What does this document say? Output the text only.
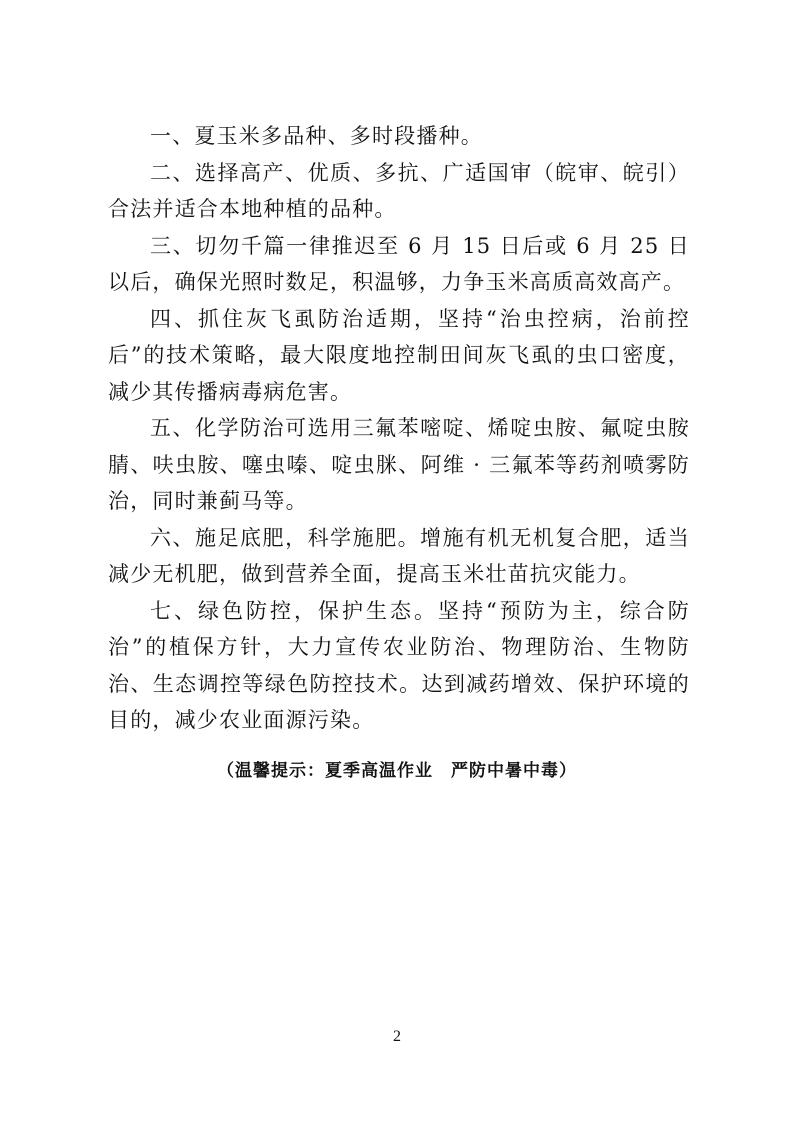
一、夏玉米多品种、多时段播种。

二、选择高产、优质、多抗、广适国审（皖审、皖引）合法并适合本地种植的品种。

三、切勿千篇一律推迟至 6 月 15 日后或 6 月 25 日以后，确保光照时数足，积温够，力争玉米高质高效高产。

四、抓住灰飞虱防治适期，坚持“治虫控病，治前控后”的技术策略，最大限度地控制田间灰飞虱的虫口密度，减少其传播病毒病危害。

五、化学防治可选用三氟苯嘧啶、烯啶虫胺、氟啶虫胺腈、呋虫胺、噻虫嗪、啶虫脒、阿维 · 三氟苯等药剂喷雾防治，同时兼蓟马等。

六、施足底肥，科学施肥。增施有机无机复合肥，适当减少无机肥，做到营养全面，提高玉米壮苗抗灾能力。

七、绿色防控，保护生态。坚持“预防为主，综合防治”的植保方针，大力宣传农业防治、物理防治、生物防治、生态调控等绿色防控技术。达到减药增效、保护环境的目的，减少农业面源污染。

（温馨提示：夏季高温作业　严防中暑中毒）
2
